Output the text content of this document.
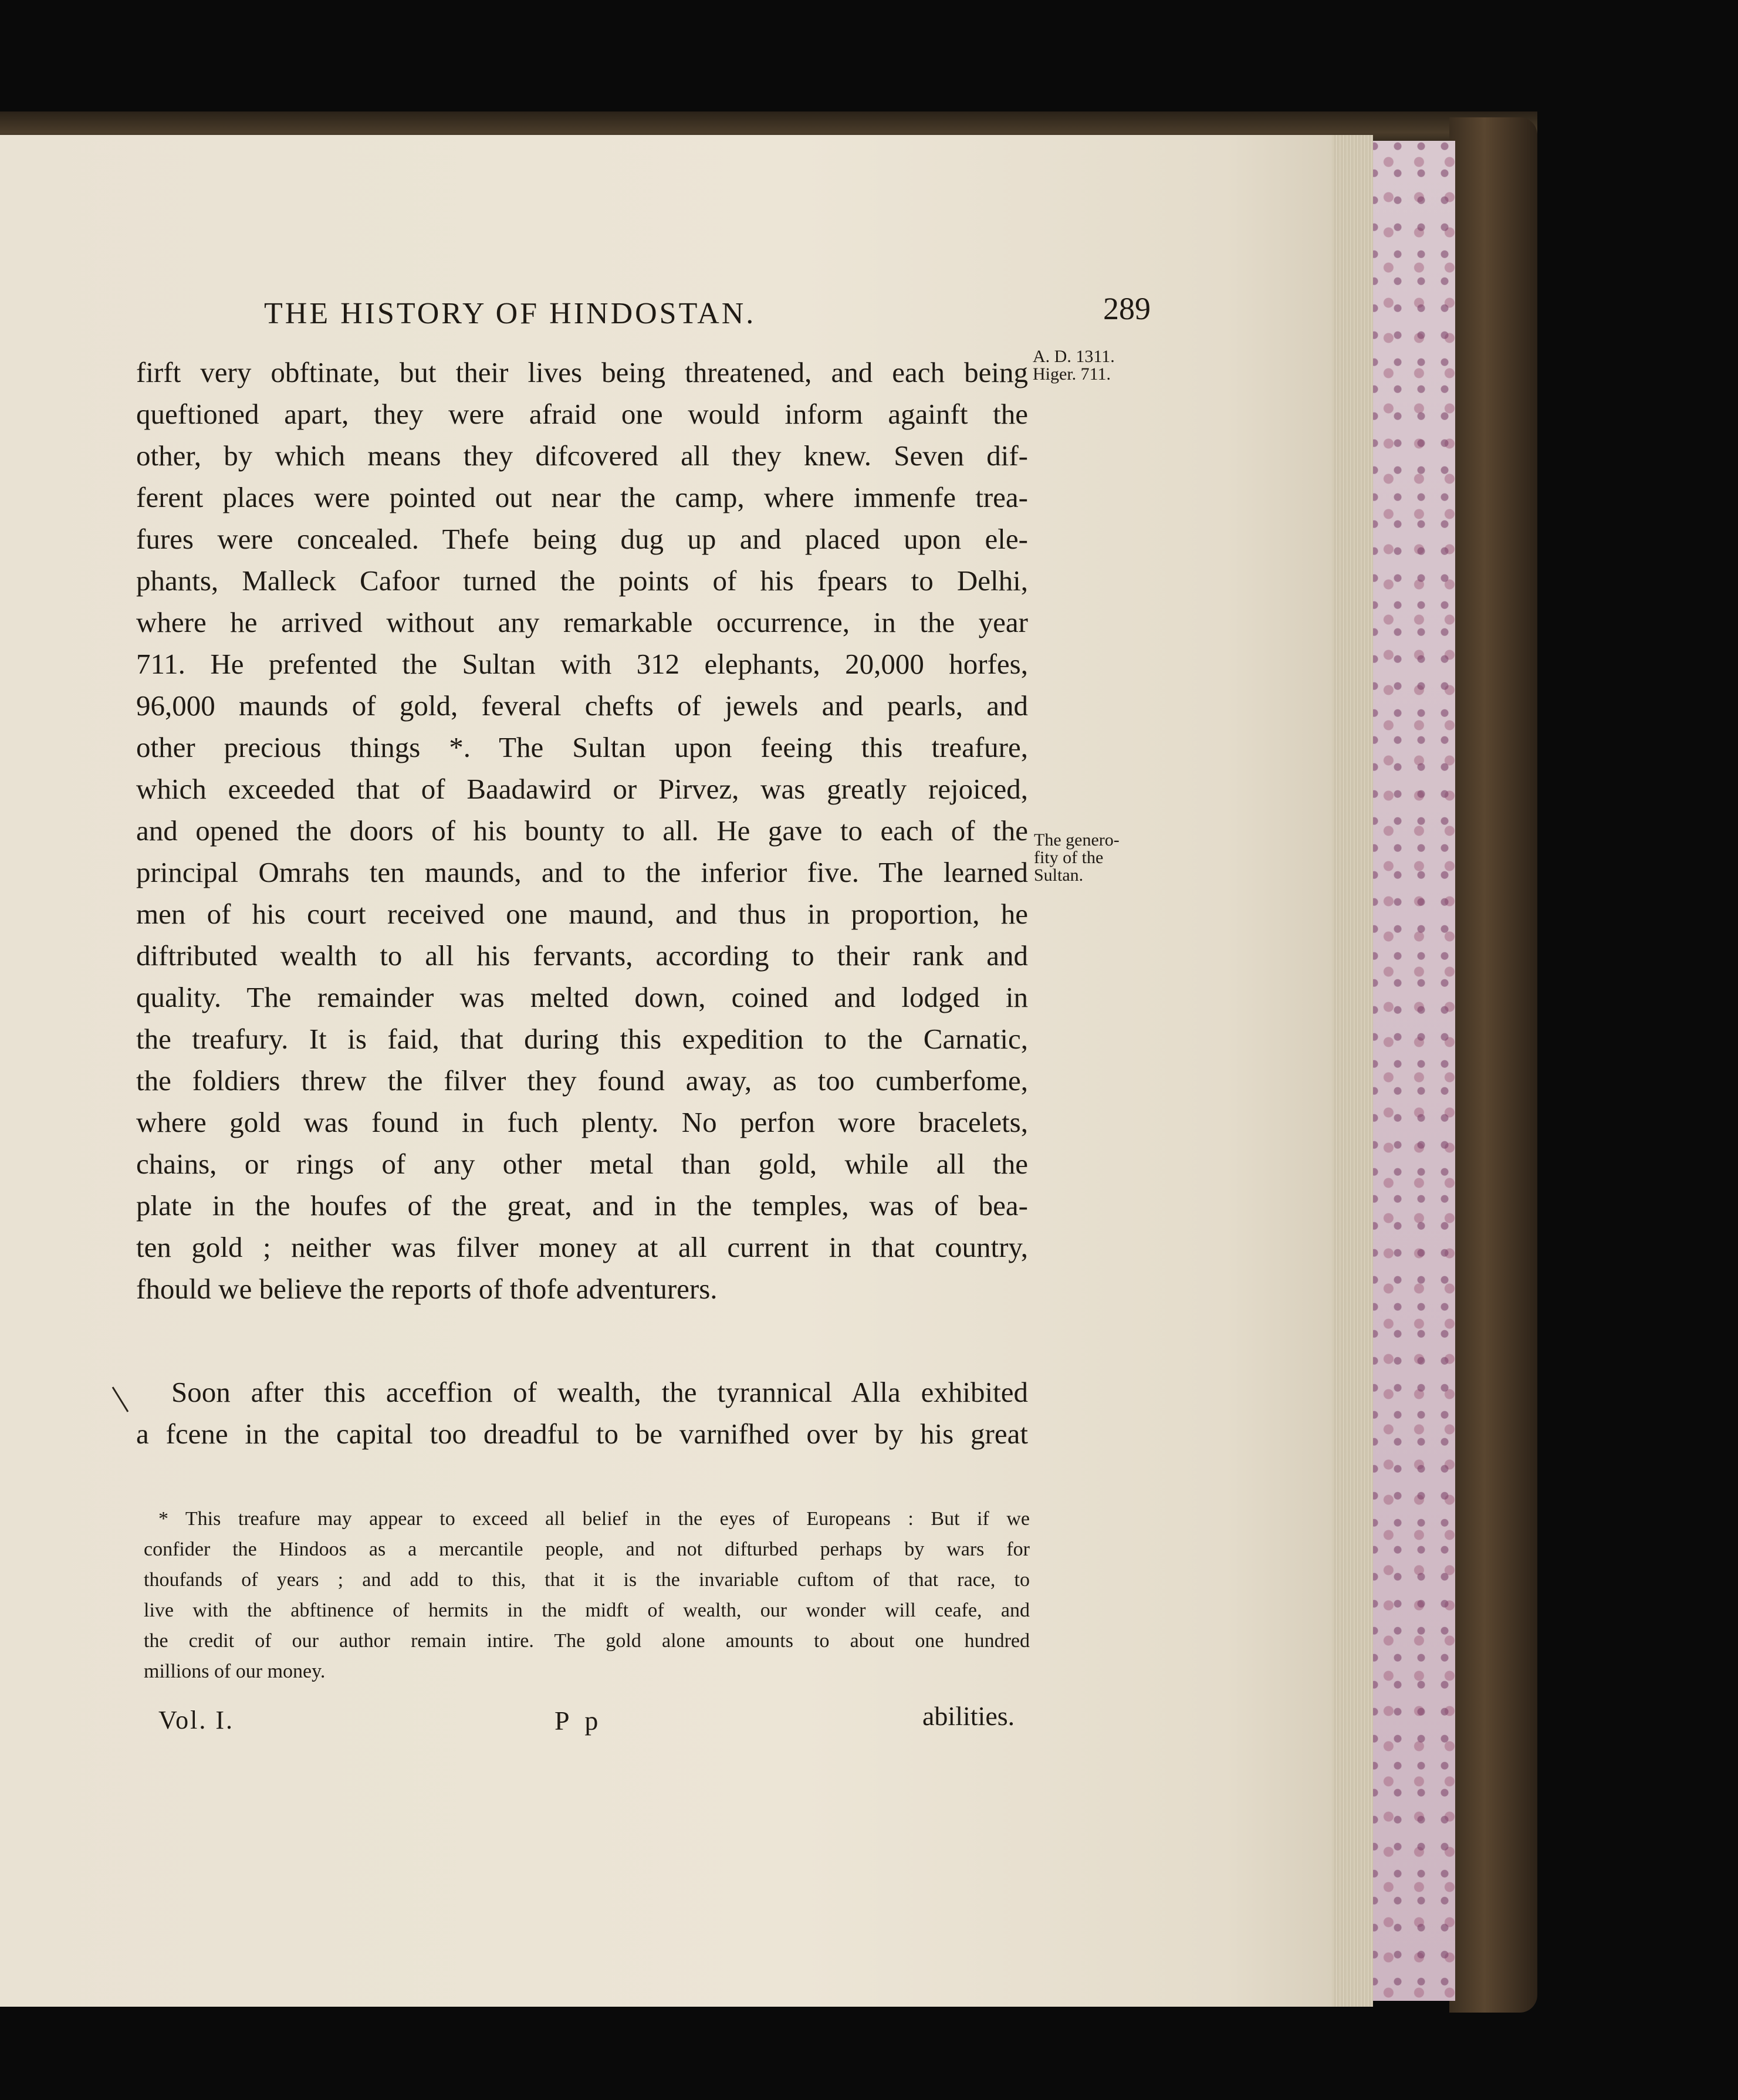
THE HISTORY OF HINDOSTAN.	289
A. D. 1311.
Higer. 711.
The genero-
fity of the
Sultan.
firft very obftinate, but their lives being threatened, and each being
queftioned apart, they were afraid one would inform againft the
other, by which means they difcovered all they knew. Seven dif-
ferent places were pointed out near the camp, where immenfe trea-
fures were concealed. Thefe being dug up and placed upon ele-
phants, Malleck Cafoor turned the points of his fpears to Delhi,
where he arrived without any remarkable occurrence, in the year
711. He prefented the Sultan with 312 elephants, 20,000 horfes,
96,000 maunds of gold, feveral chefts of jewels and pearls, and
other precious things *. The Sultan upon feeing this treafure,
which exceeded that of Baadawird or Pirvez, was greatly rejoiced,
and opened the doors of his bounty to all. He gave to each of the
principal Omrahs ten maunds, and to the inferior five. The learned
men of his court received one maund, and thus in proportion, he
diftributed wealth to all his fervants, according to their rank and
quality. The remainder was melted down, coined and lodged in
the treafury. It is faid, that during this expedition to the Carnatic,
the foldiers threw the filver they found away, as too cumberfome,
where gold was found in fuch plenty. No perfon wore bracelets,
chains, or rings of any other metal than gold, while all the
plate in the houfes of the great, and in the temples, was of bea-
ten gold ; neither was filver money at all current in that country,
fhould we believe the reports of thofe adventurers.
Soon after this acceffion of wealth, the tyrannical Alla exhibited
a fcene in the capital too dreadful to be varnifhed over by his great
* This treafure may appear to exceed all belief in the eyes of Europeans : But if we
confider the Hindoos as a mercantile people, and not difturbed perhaps by wars for
thoufands of years ; and add to this, that it is the invariable cuftom of that race, to
live with the abftinence of hermits in the midft of wealth, our wonder will ceafe, and
the credit of our author remain intire. The gold alone amounts to about one hundred
millions of our money.
Vol. I.	P p	abilities.
